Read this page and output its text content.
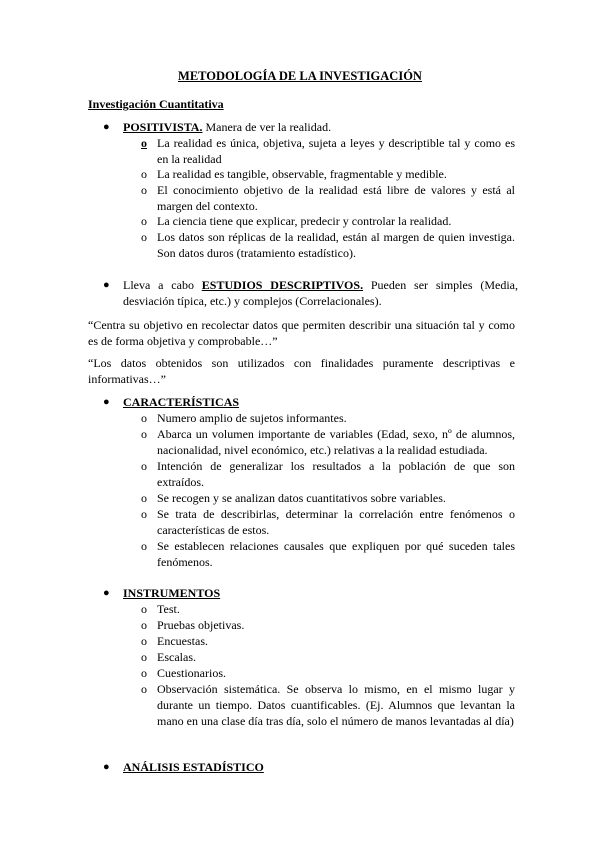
METODOLOGÍA DE LA INVESTIGACIÓN
Investigación Cuantitativa
● POSITIVISTA. Manera de ver la realidad.
o La realidad es única, objetiva, sujeta a leyes y descriptible tal y como es en la realidad
o La realidad es tangible, observable, fragmentable y medible.
o El conocimiento objetivo de la realidad está libre de valores y está al margen del contexto.
o La ciencia tiene que explicar, predecir y controlar la realidad.
o Los datos son réplicas de la realidad, están al margen de quien investiga. Son datos duros (tratamiento estadístico).
● Lleva a cabo ESTUDIOS DESCRIPTIVOS. Pueden ser simples (Media, desviación típica, etc.) y complejos (Correlacionales).
“Centra su objetivo en recolectar datos que permiten describir una situación tal y como es de forma objetiva y comprobable…”
“Los datos obtenidos son utilizados con finalidades puramente descriptivas e informativas…”
● CARACTERÍSTICAS
o Numero amplio de sujetos informantes.
o Abarca un volumen importante de variables (Edad, sexo, nº de alumnos, nacionalidad, nivel económico, etc.) relativas a la realidad estudiada.
o Intención de generalizar los resultados a la población de que son extraídos.
o Se recogen y se analizan datos cuantitativos sobre variables.
o Se trata de describirlas, determinar la correlación entre fenómenos o características de estos.
o Se establecen relaciones causales que expliquen por qué suceden tales fenómenos.
● INSTRUMENTOS
o Test.
o Pruebas objetivas.
o Encuestas.
o Escalas.
o Cuestionarios.
o Observación sistemática. Se observa lo mismo, en el mismo lugar y durante un tiempo. Datos cuantificables. (Ej. Alumnos que levantan la mano en una clase día tras día, solo el número de manos levantadas al día)
● ANÁLISIS ESTADÍSTICO
